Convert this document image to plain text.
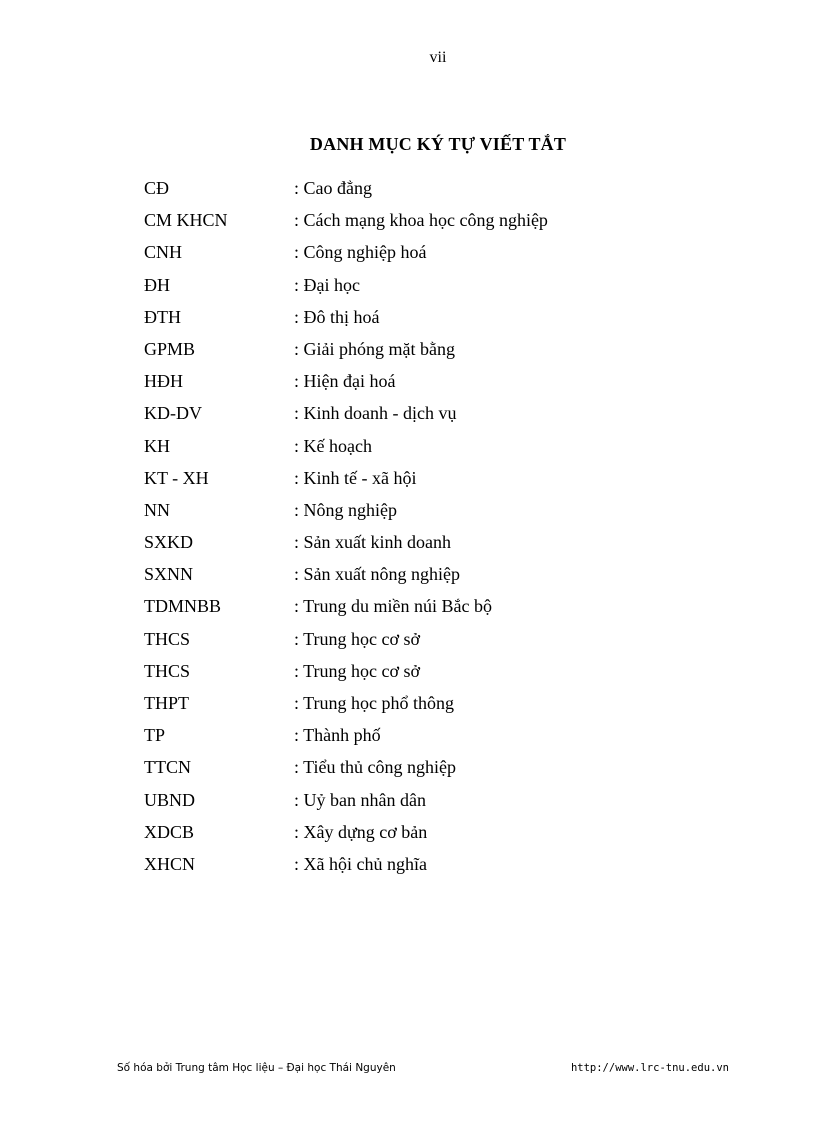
vii
DANH MỤC KÝ TỰ VIẾT TẮT
CĐ	: Cao đẳng
CM KHCN	: Cách mạng khoa học công nghiệp
CNH	: Công nghiệp hoá
ĐH	: Đại học
ĐTH	: Đô thị hoá
GPMB	: Giải phóng mặt bằng
HĐH	: Hiện đại hoá
KD-DV	: Kinh doanh - dịch vụ
KH	: Kế hoạch
KT - XH	: Kinh tế - xã hội
NN	: Nông nghiệp
SXKD	: Sản xuất kinh doanh
SXNN	: Sản xuất nông nghiệp
TDMNBB	: Trung du miền núi Bắc bộ
THCS	: Trung học cơ sở
THCS	: Trung học cơ sở
THPT	: Trung học phổ thông
TP	: Thành phố
TTCN	: Tiểu thủ công nghiệp
UBND	: Uỷ ban nhân dân
XDCB	: Xây dựng cơ bản
XHCN	: Xã hội chủ nghĩa
Số hóa bởi Trung tâm Học liệu – Đại học Thái Nguyên	http://www.lrc-tnu.edu.vn
